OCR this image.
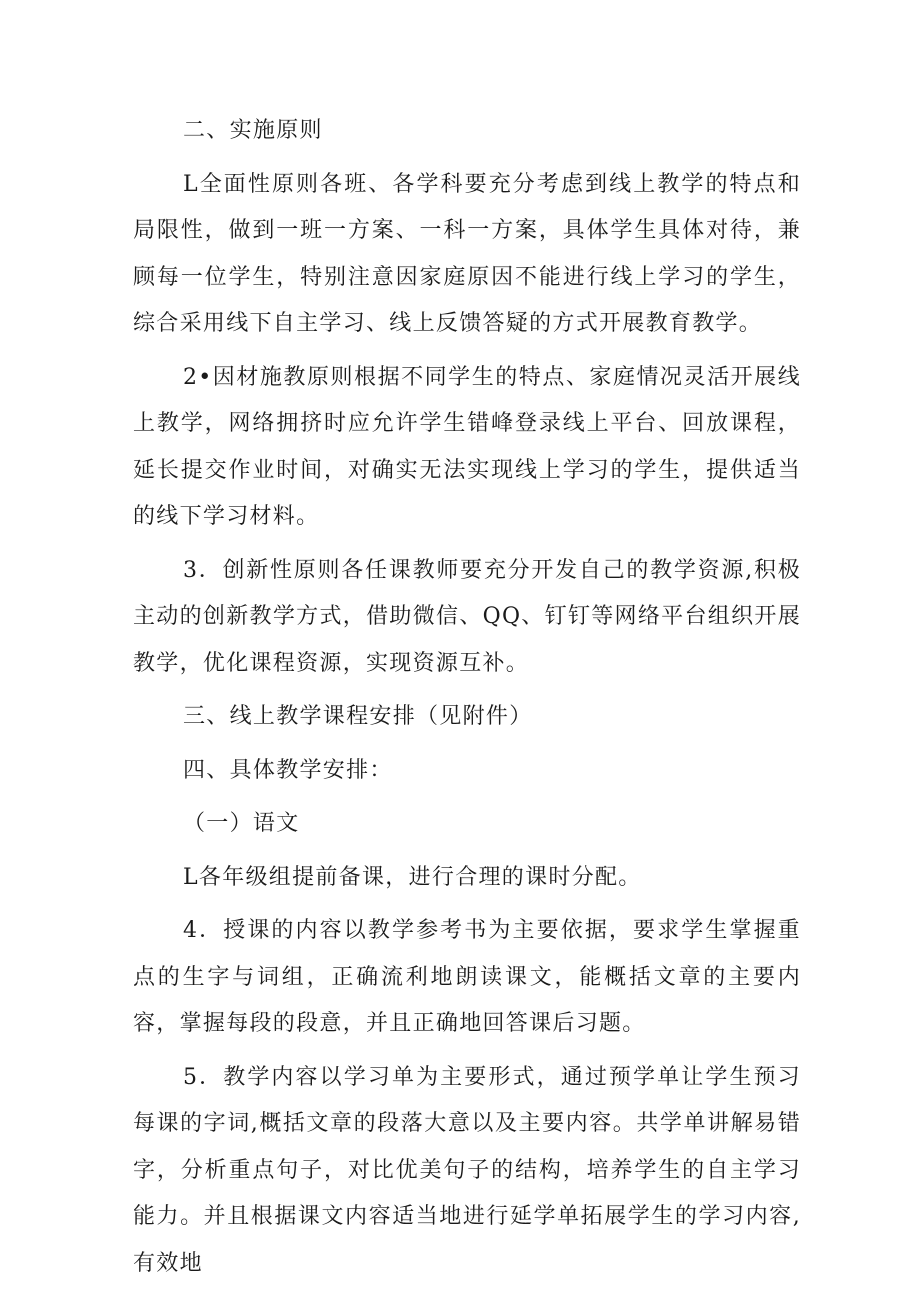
二、实施原则

L全面性原则各班、各学科要充分考虑到线上教学的特点和局限性，做到一班一方案、一科一方案，具体学生具体对待，兼顾每一位学生，特别注意因家庭原因不能进行线上学习的学生，综合采用线下自主学习、线上反馈答疑的方式开展教育教学。

2•因材施教原则根据不同学生的特点、家庭情况灵活开展线上教学，网络拥挤时应允许学生错峰登录线上平台、回放课程，延长提交作业时间，对确实无法实现线上学习的学生，提供适当的线下学习材料。

3．创新性原则各任课教师要充分开发自己的教学资源,积极主动的创新教学方式，借助微信、QQ、钉钉等网络平台组织开展教学，优化课程资源，实现资源互补。

三、线上教学课程安排（见附件）

四、具体教学安排：

（一）语文

L各年级组提前备课，进行合理的课时分配。

4．授课的内容以教学参考书为主要依据，要求学生掌握重点的生字与词组，正确流利地朗读课文，能概括文章的主要内容，掌握每段的段意，并且正确地回答课后习题。

5．教学内容以学习单为主要形式，通过预学单让学生预习每课的字词,概括文章的段落大意以及主要内容。共学单讲解易错字，分析重点句子，对比优美句子的结构，培养学生的自主学习能力。并且根据课文内容适当地进行延学单拓展学生的学习内容,有效地
